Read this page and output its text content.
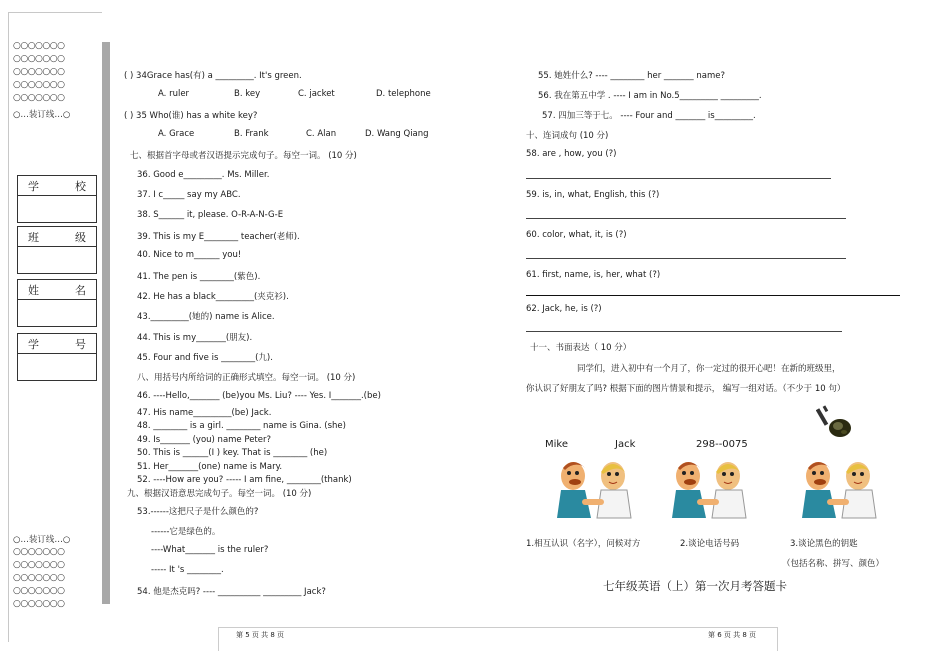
○○○○○○○
○○○○○○○
○○○○○○○
○○○○○○○
○○○○○○○
○…装订线…○
学	校
班	级
姓	名
学	号
○…装订线…○
○○○○○○○
○○○○○○○
○○○○○○○
○○○○○○○
○○○○○○○
( ) 34Grace has(有) a _________. It's green.
A. ruler	B. key	C. jacket	D. telephone
( ) 35 Who(谁) has a white key?
A. Grace	B. Frank	C. Alan	D. Wang Qiang
七、根据首字母或者汉语提示完成句子。每空一词。 (10 分)
36. Good e_________. Ms. Miller.
37. I c_____ say my ABC.
38. S______ it, please. O-R-A-N-G-E
39. This is my E________ teacher(老师).
40. Nice to m______ you!
41. The pen is ________(紫色).
42. He has a black_________(夹克衫).
43._________(她的) name is Alice.
44. This is my_______(朋友).
45. Four and five is ________(九).
八、用括号内所给词的正确形式填空。每空一词。 (10 分)
46. ----Hello,_______ (be)you Ms. Liu? ---- Yes. I_______.(be)
47. His name_________(be) Jack.
48. ________ is a girl. ________ name is Gina. (she)
49. Is_______ (you) name Peter?
50. This is ______(I ) key. That is ________ (he)
51. Her_______(one) name is Mary.
52. ----How are you? ----- I am fine, ________(thank)
九、根据汉语意思完成句子。每空一词。 (10 分)
53.------这把尺子是什么颜色的?
------它是绿色的。
----What_______ is the ruler?
----- It 's ________.
54. 他是杰克吗? ---- __________ _________ Jack?
55. 她姓什么? ---- ________ her _______ name?
56. 我在第五中学 . ---- I am in No.5_________ _________.
57. 四加三等于七。 ---- Four and _______ is_________.
十、连词成句 (10 分)
58. are , how, you (?)
59. is, in, what, English, this (?)
60. color, what, it, is (?)
61. first, name, is, her, what (?)
62. Jack, he, is (?)
十一、书面表达（ 10 分）
同学们，进入初中有一个月了，你一定过的很开心吧！在新的班级里，
你认识了好朋友了吗? 根据下面的图片情景和提示， 编写一组对话。（不少于 10 句）
Mike	Jack	298--0075
1.相互认识（名字），问候对方	2.谈论电话号码	3.谈论黑色的钥匙
（包括名称、拼写、颜色）
七年级英语（上）第一次月考答题卡
第 5 页 共 8 页	第 6 页 共 8 页
